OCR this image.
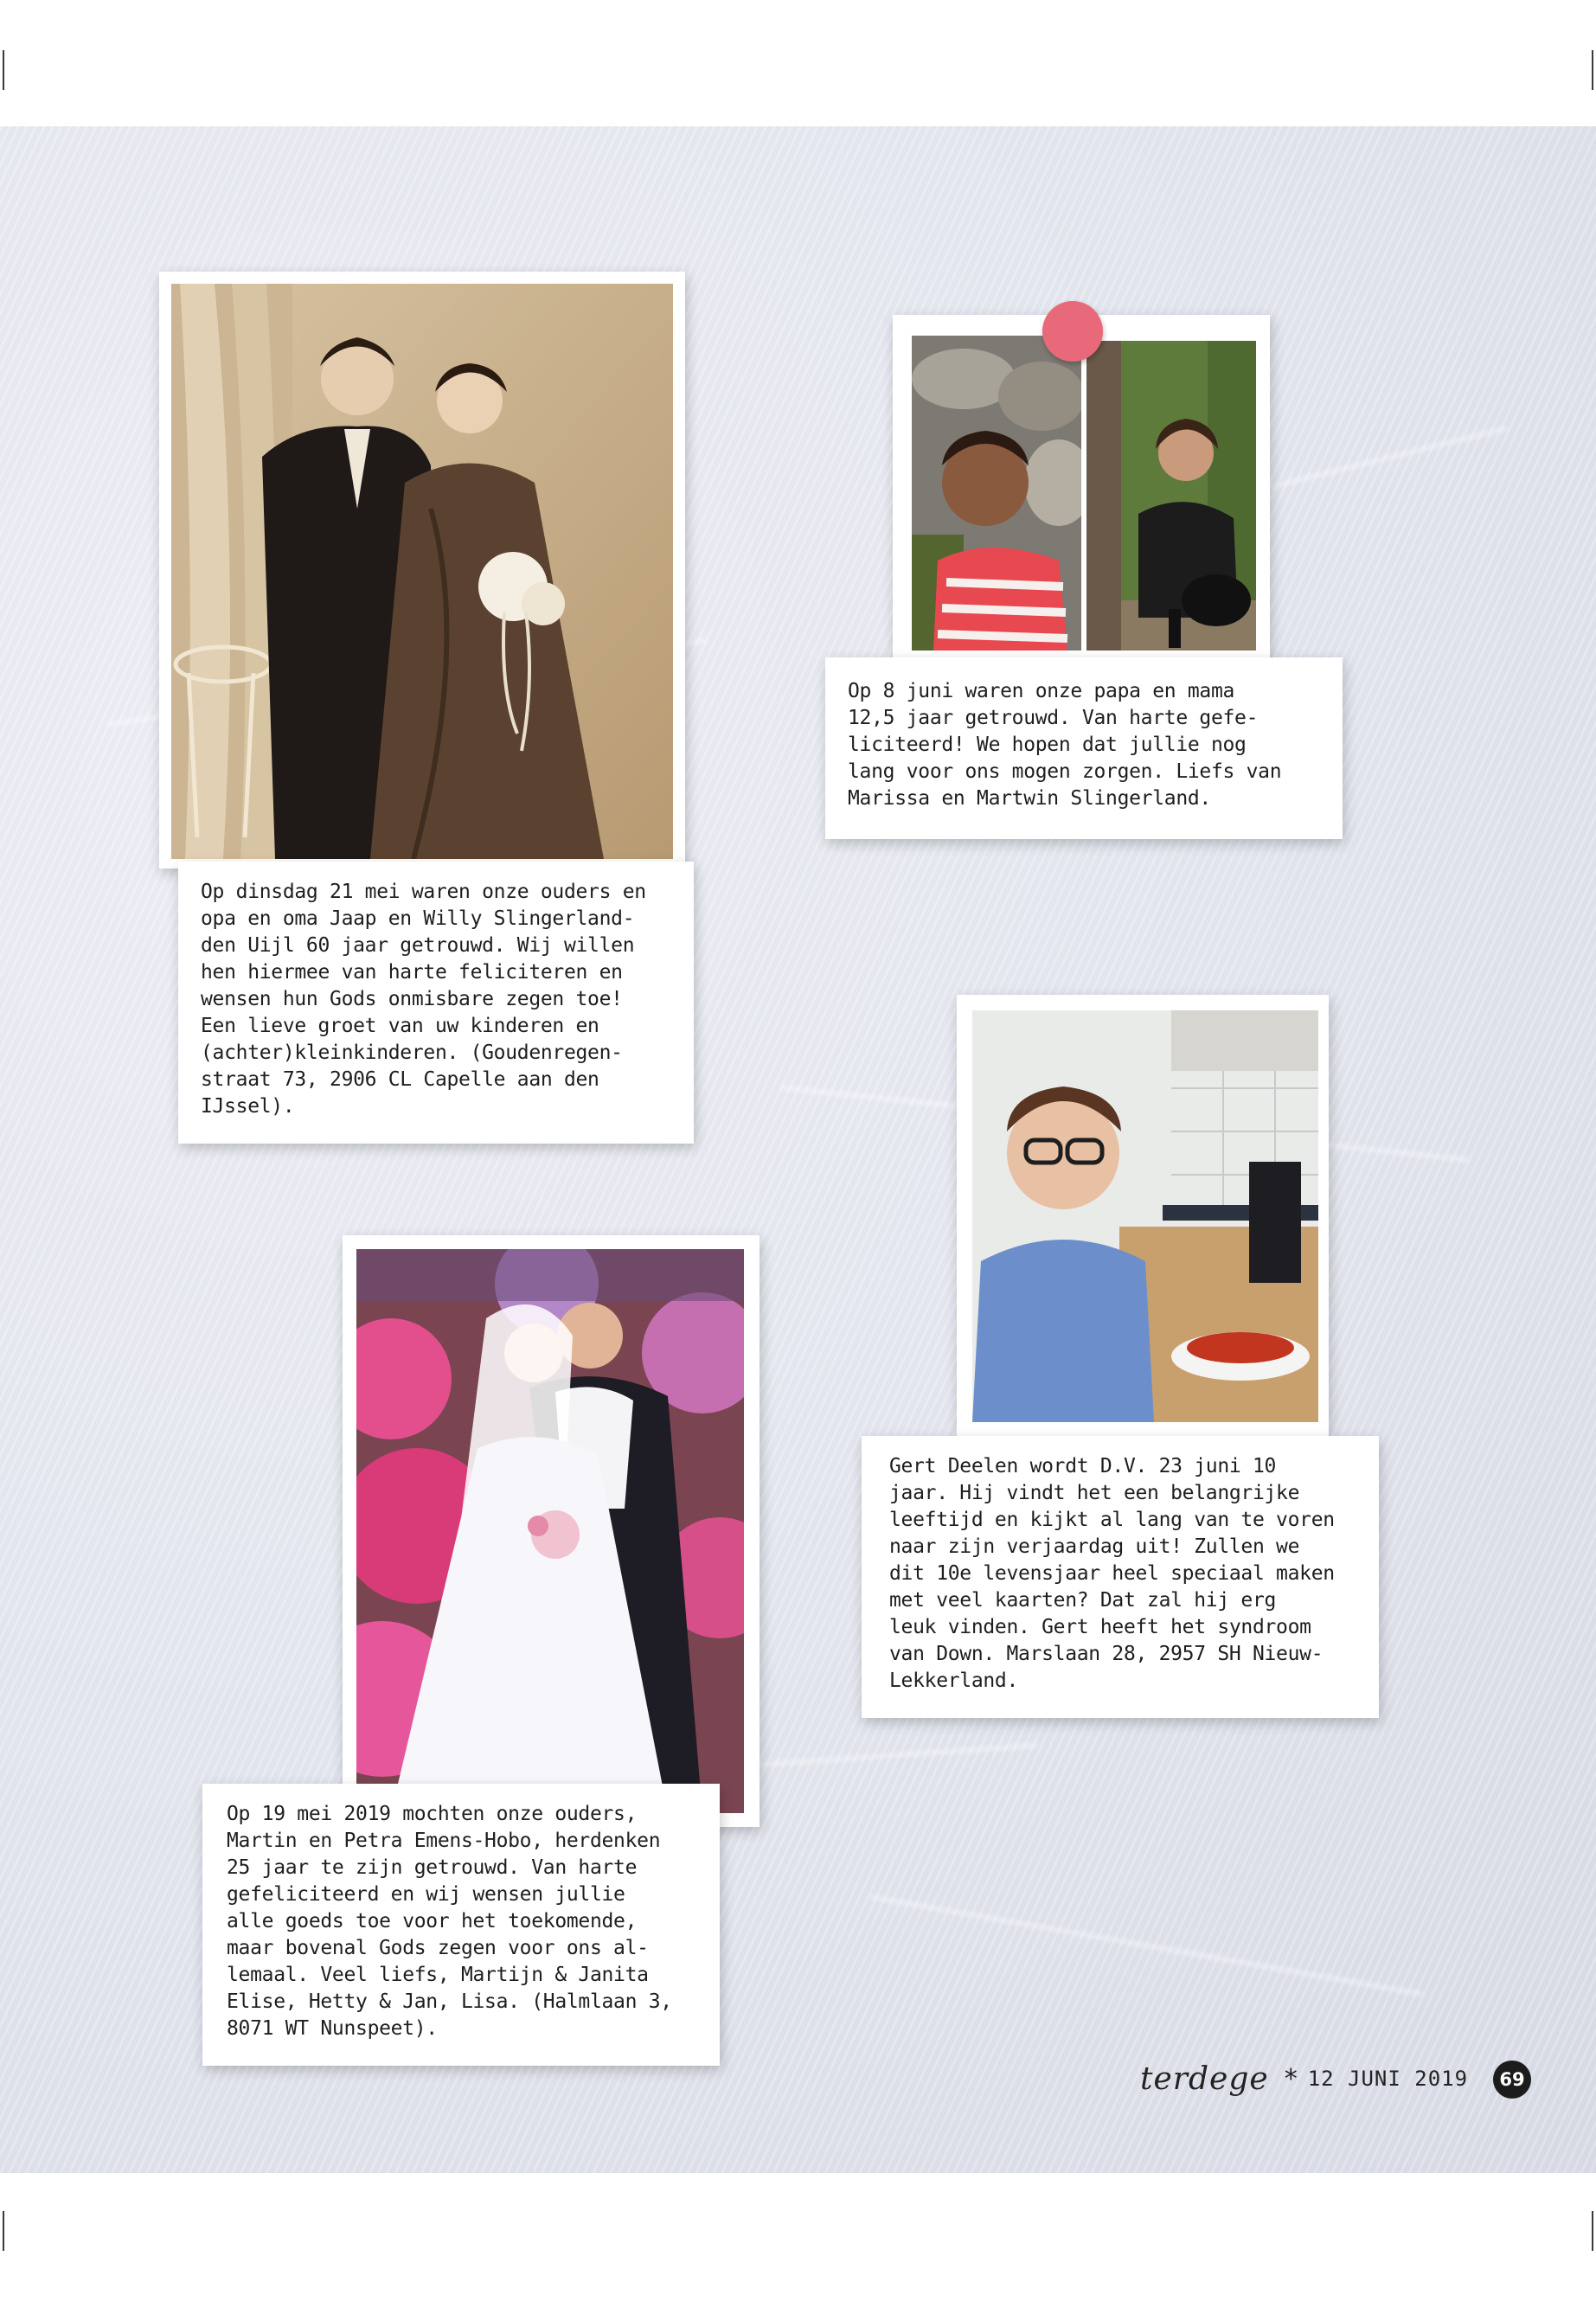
Op dinsdag 21 mei waren onze ouders en
opa en oma Jaap en Willy Slingerland-
den Uijl 60 jaar getrouwd. Wij willen
hen hiermee van harte feliciteren en
wensen hun Gods onmisbare zegen toe!
Een lieve groet van uw kinderen en
(achter)kleinkinderen. (Goudenregen-
straat 73, 2906 CL Capelle aan den
IJssel).
Op 8 juni waren onze papa en mama
12,5 jaar getrouwd. Van harte gefe-
liciteerd! We hopen dat jullie nog
lang voor ons mogen zorgen. Liefs van
Marissa en Martwin Slingerland.
Gert Deelen wordt D.V. 23 juni 10
jaar. Hij vindt het een belangrijke
leeftijd en kijkt al lang van te voren
naar zijn verjaardag uit! Zullen we
dit 10e levensjaar heel speciaal maken
met veel kaarten? Dat zal hij erg
leuk vinden. Gert heeft het syndroom
van Down. Marslaan 28, 2957 SH Nieuw-
Lekkerland.
Op 19 mei 2019 mochten onze ouders,
Martin en Petra Emens-Hobo, herdenken
25 jaar te zijn getrouwd. Van harte
gefeliciteerd en wij wensen jullie
alle goeds toe voor het toekomende,
maar bovenal Gods zegen voor ons al-
lemaal. Veel liefs, Martijn & Janita
Elise, Hetty & Jan, Lisa. (Halmlaan 3,
8071 WT Nunspeet).
terdege * 12 JUNI 2019	69
